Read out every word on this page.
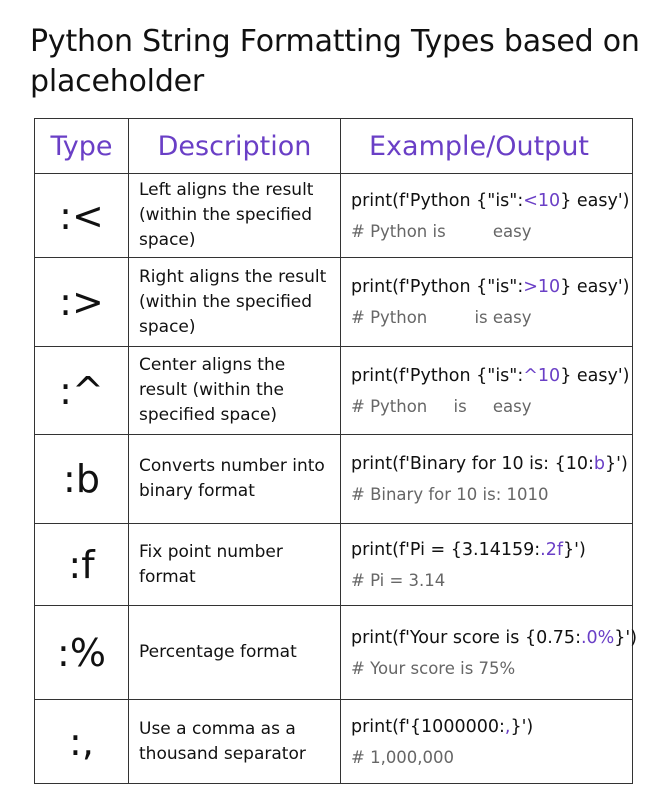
Python String Formatting Types based on placeholder
Type	Description	Example/Output
:<	Left aligns the result (within the specified space)	print(f'Python {"is":<10} easy')
# Python is         easy

:>	Right aligns the result (within the specified space)	print(f'Python {"is":>10} easy')
# Python         is easy

:^	Center aligns the result (within the specified space)	print(f'Python {"is":^10} easy')
# Python     is     easy

:b	Converts number into binary format	print(f'Binary for 10 is: {10:b}')
# Binary for 10 is: 1010

:f	Fix point number format	print(f'Pi = {3.14159:.2f}')
# Pi = 3.14

:%	Percentage format	print(f'Your score is {0.75:.0%}')
# Your score is 75%

:,	Use a comma as a thousand separator	print(f'{1000000:,}')
# 1,000,000
